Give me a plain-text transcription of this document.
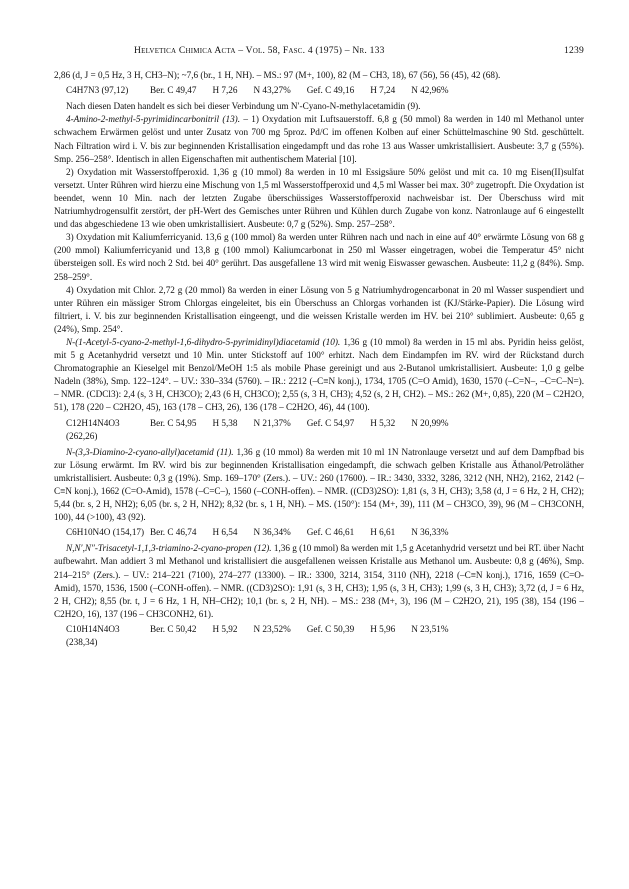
Helvetica Chimica Acta – Vol. 58, Fasc. 4 (1975) – Nr. 133	1239

2,86 (d, J = 0,5 Hz, 3 H, CH3–N); ~7,6 (br., 1 H, NH). – MS.: 97 (M+, 100), 82 (M – CH3, 18), 67 (56), 56 (45), 42 (68).

C4H7N3 (97,12)	Ber. C 49,47 H 7,26 N 43,27% Gef. C 49,16 H 7,24 N 42,96%

Nach diesen Daten handelt es sich bei dieser Verbindung um N′-Cyano-N-methylacetamidin (9).

4-Amino-2-methyl-5-pyrimidincarbonitril (13). – 1) Oxydation mit Luftsauerstoff. 6,8 g (50 mmol) 8a werden in 140 ml Methanol unter schwachem Erwärmen gelöst und unter Zusatz von 700 mg 5proz. Pd/C im offenen Kolben auf einer Schüttelmaschine 90 Std. geschüttelt. Nach Filtration wird i. V. bis zur beginnenden Kristallisation eingedampft und das rohe 13 aus Wasser umkristallisiert. Ausbeute: 3,7 g (55%). Smp. 256–258°. Identisch in allen Eigenschaften mit authentischem Material [10].

2) Oxydation mit Wasserstoffperoxid. 1,36 g (10 mmol) 8a werden in 10 ml Essigsäure 50% gelöst und mit ca. 10 mg Eisen(II)sulfat versetzt. Unter Rühren wird hierzu eine Mischung von 1,5 ml Wasserstoffperoxid und 4,5 ml Wasser bei max. 30° zugetropft. Die Oxydation ist beendet, wenn 10 Min. nach der letzten Zugabe überschüssiges Wasserstoffperoxid nachweisbar ist. Der Überschuss wird mit Natriumhydrogensulfit zerstört, der pH-Wert des Gemisches unter Rühren und Kühlen durch Zugabe von konz. Natronlauge auf 6 eingestellt und das abgeschiedene 13 wie oben umkristallisiert. Ausbeute: 0,7 g (52%). Smp. 257–258°.

3) Oxydation mit Kaliumferricyanid. 13,6 g (100 mmol) 8a werden unter Rühren nach und nach in eine auf 40° erwärmte Lösung von 68 g (200 mmol) Kaliumferricyanid und 13,8 g (100 mmol) Kaliumcarbonat in 250 ml Wasser eingetragen, wobei die Temperatur 45° nicht übersteigen soll. Es wird noch 2 Std. bei 40° gerührt. Das ausgefallene 13 wird mit wenig Eiswasser gewaschen. Ausbeute: 11,2 g (84%). Smp. 258–259°.

4) Oxydation mit Chlor. 2,72 g (20 mmol) 8a werden in einer Lösung von 5 g Natriumhydrogencarbonat in 20 ml Wasser suspendiert und unter Rühren ein mässiger Strom Chlorgas eingeleitet, bis ein Überschuss an Chlorgas vorhanden ist (KJ/Stärke-Papier). Die Lösung wird filtriert, i. V. bis zur beginnenden Kristallisation eingeengt, und die weissen Kristalle werden im HV. bei 210° sublimiert. Ausbeute: 0,65 g (24%), Smp. 254°.

N-(1-Acetyl-5-cyano-2-methyl-1,6-dihydro-5-pyrimidinyl)diacetamid (10). 1,36 g (10 mmol) 8a werden in 15 ml abs. Pyridin heiss gelöst, mit 5 g Acetanhydrid versetzt und 10 Min. unter Stickstoff auf 100° erhitzt. Nach dem Eindampfen im RV. wird der Rückstand durch Chromatographie an Kieselgel mit Benzol/MeOH 1:5 als mobile Phase gereinigt und aus 2-Butanol umkristallisiert. Ausbeute: 1,0 g gelbe Nadeln (38%), Smp. 122–124°. – UV.: 330–334 (5760). – IR.: 2212 (–C≡N konj.), 1734, 1705 (C=O Amid), 1630, 1570 (–C=N–, –C=C–N=). – NMR. (CDCl3): 2,4 (s, 3 H, CH3CO); 2,43 (6 H, CH3CO); 2,55 (s, 3 H, CH3); 4,52 (s, 2 H, CH2). – MS.: 262 (M+, 0,85), 220 (M – C2H2O, 51), 178 (220 – C2H2O, 45), 163 (178 – CH3, 26), 136 (178 – C2H2O, 46), 44 (100).

C12H14N4O3 (262,26)
Ber. C 54,95 H 5,38 N 21,37% Gef. C 54,97 H 5,32 N 20,99%

N-(3,3-Diamino-2-cyano-allyl)acetamid (11). 1,36 g (10 mmol) 8a werden mit 10 ml 1N Natronlauge versetzt und auf dem Dampfbad bis zur Lösung erwärmt. Im RV. wird bis zur beginnenden Kristallisation eingedampft, die schwach gelben Kristalle aus Äthanol/Petroläther umkristallisiert. Ausbeute: 0,3 g (19%). Smp. 169–170° (Zers.). – UV.: 260 (17600). – IR.: 3430, 3332, 3286, 3212 (NH, NH2), 2162, 2142 (–C≡N konj.), 1662 (C=O-Amid), 1578 (–C=C–), 1560 (–CONH-offen). – NMR. ((CD3)2SO): 1,81 (s, 3 H, CH3); 3,58 (d, J = 6 Hz, 2 H, CH2); 5,44 (br. s, 2 H, NH2); 6,05 (br. s, 2 H, NH2); 8,32 (br. s, 1 H, NH). – MS. (150°): 154 (M+, 39), 111 (M – CH3CO, 39), 96 (M – CH3CONH, 100), 44 (>100), 43 (92).

C6H10N4O (154,17) Ber. C 46,74 H 6,54 N 36,34% Gef. C 46,61 H 6,61 N 36,33%

N,N′,N″-Trisacetyl-1,1,3-triamino-2-cyano-propen (12). 1,36 g (10 mmol) 8a werden mit 1,5 g Acetanhydrid versetzt und bei RT. über Nacht aufbewahrt. Man addiert 3 ml Methanol und kristallisiert die ausgefallenen weissen Kristalle aus Methanol um. Ausbeute: 0,8 g (46%), Smp. 214–215° (Zers.). – UV.: 214–221 (7100), 274–277 (13300). – IR.: 3300, 3214, 3154, 3110 (NH), 2218 (–C≡N konj.), 1716, 1659 (C=O-Amid), 1570, 1536, 1500 (–CONH-offen). – NMR. ((CD3)2SO): 1,91 (s, 3 H, CH3); 1,95 (s, 3 H, CH3); 1,99 (s, 3 H, CH3); 3,72 (d, J = 6 Hz, 2 H, CH2); 8,55 (br. t, J = 6 Hz, 1 H, NH–CH2); 10,1 (br. s, 2 H, NH). – MS.: 238 (M+, 3), 196 (M – C2H2O, 21), 195 (38), 154 (196 – C2H2O, 16), 137 (196 – CH3CONH2, 61).

C10H14N4O3 (238,34)
Ber. C 50,42 H 5,92 N 23,52% Gef. C 50,39 H 5,96 N 23,51%
